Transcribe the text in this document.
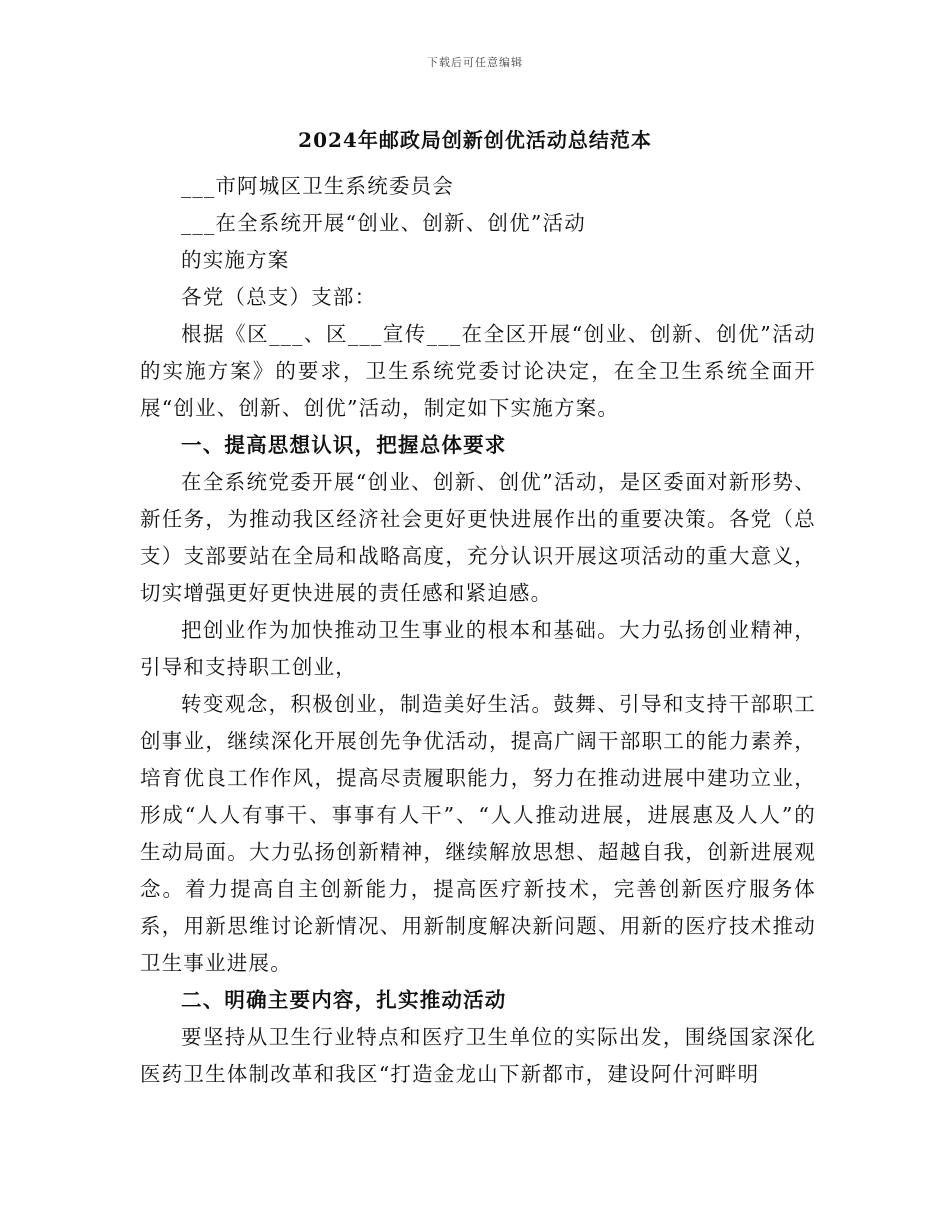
下载后可任意编辑
2024年邮政局创新创优活动总结范本

___市阿城区卫生系统委员会

___在全系统开展“创业、创新、创优”活动

的实施方案

各党（总支）支部：

根据《区___、区___宣传___在全区开展“创业、创新、创优”活动的实施方案》的要求，卫生系统党委讨论决定，在全卫生系统全面开展“创业、创新、创优”活动，制定如下实施方案。

一、提高思想认识，把握总体要求

在全系统党委开展“创业、创新、创优”活动，是区委面对新形势、新任务，为推动我区经济社会更好更快进展作出的重要决策。各党（总支）支部要站在全局和战略高度，充分认识开展这项活动的重大意义，切实增强更好更快进展的责任感和紧迫感。

把创业作为加快推动卫生事业的根本和基础。大力弘扬创业精神，引导和支持职工创业，

转变观念，积极创业，制造美好生活。鼓舞、引导和支持干部职工创事业，继续深化开展创先争优活动，提高广阔干部职工的能力素养，培育优良工作作风，提高尽责履职能力，努力在推动进展中建功立业，形成“人人有事干、事事有人干”、“人人推动进展，进展惠及人人”的生动局面。大力弘扬创新精神，继续解放思想、超越自我，创新进展观念。着力提高自主创新能力，提高医疗新技术，完善创新医疗服务体系，用新思维讨论新情况、用新制度解决新问题、用新的医疗技术推动卫生事业进展。

二、明确主要内容，扎实推动活动

要坚持从卫生行业特点和医疗卫生单位的实际出发，围绕国家深化医药卫生体制改革和我区“打造金龙山下新都市，建设阿什河畔明
